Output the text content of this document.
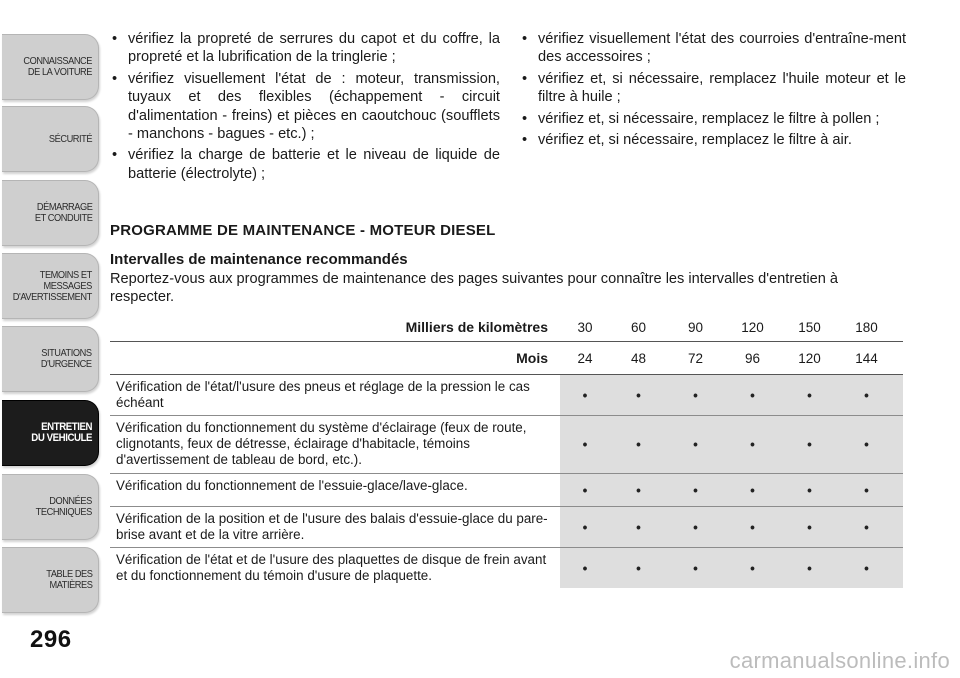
CONNAISSANCE
DE LA VOITURE
SÉCURITÉ
DÉMARRAGE
ET CONDUITE
TEMOINS ET
MESSAGES
D'AVERTISSEMENT
SITUATIONS
D'URGENCE
ENTRETIEN
DU VEHICULE
DONNÉES
TECHNIQUES
TABLE DES
MATIÈRES
296
• vérifiez la propreté de serrures du capot et du coffre, la propreté et la lubrification de la tringlerie ;
• vérifiez visuellement l'état de : moteur, transmission, tuyaux et des flexibles (échappement - circuit d'alimentation - freins) et pièces en caoutchouc (soufflets - manchons - bagues - etc.) ;
• vérifiez la charge de batterie et le niveau de liquide de batterie (électrolyte) ;
• vérifiez visuellement l'état des courroies d'entraîne-ment des accessoires ;
• vérifiez et, si nécessaire, remplacez l'huile moteur et le filtre à huile ;
• vérifiez et, si nécessaire, remplacez le filtre à pollen ;
• vérifiez et, si nécessaire, remplacez le filtre à air.
PROGRAMME DE MAINTENANCE - MOTEUR DIESEL
Intervalles de maintenance recommandés
Reportez-vous aux programmes de maintenance des pages suivantes pour connaître les intervalles d'entretien à respecter.
Milliers de kilomètres	30	60	90	120	150	180
Mois	24	48	72	96	120	144
Vérification de l'état/l'usure des pneus et réglage de la pression le cas échéant	•	•	•	•	•	•
Vérification du fonctionnement du système d'éclairage (feux de route, clignotants, feux de détresse, éclairage d'habitacle, témoins d'avertissement de tableau de bord, etc.).
•	•	•	•	•	•
Vérification du fonctionnement de l'essuie-glace/lave-glace.	•	•	•	•	•	•
Vérification de la position et de l'usure des balais d'essuie-glace du pare-brise avant et de la vitre arrière.	•	•	•	•	•	•
Vérification de l'état et de l'usure des plaquettes de disque de frein avant et du fonctionnement du témoin d'usure de plaquette.	•	•	•	•	•	•
carmanualsonline.info
